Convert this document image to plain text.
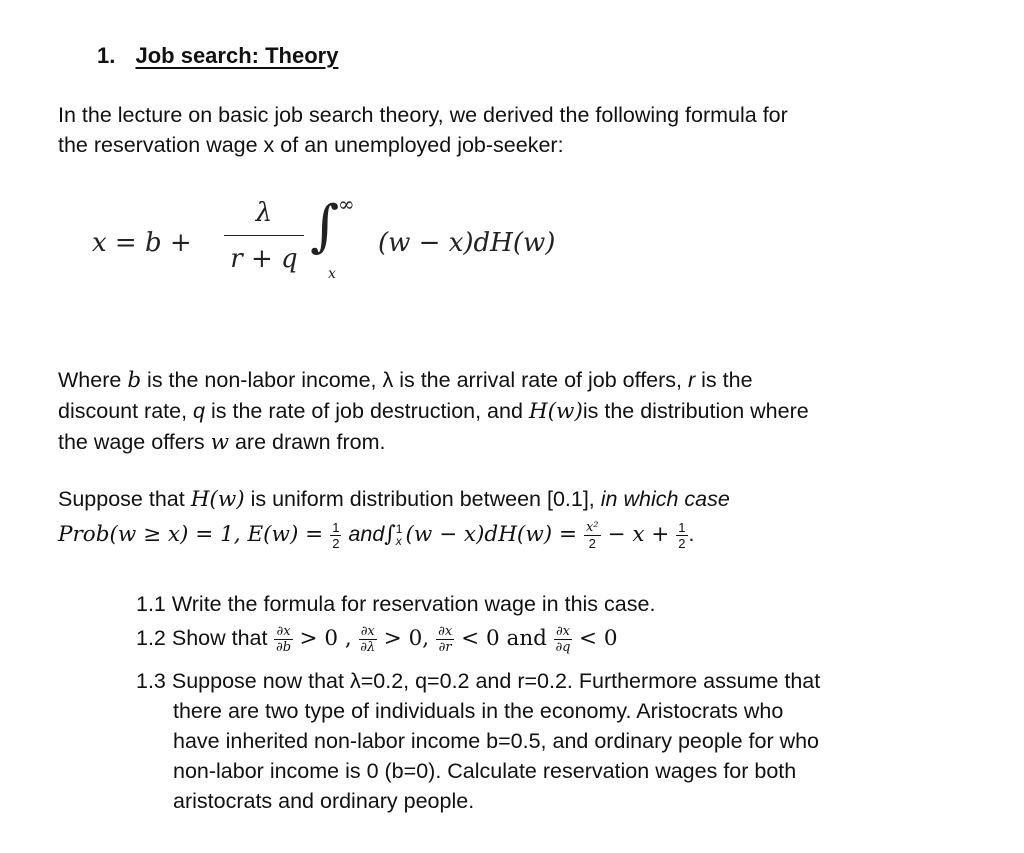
1. Job search: Theory
In the lecture on basic job search theory, we derived the following formula for
the reservation wage x of an unemployed job-seeker:
x = b +
λ
r + q ∫
∞
x
(w − x)dH(w)
Where b is the non-labor income, λ is the arrival rate of job offers, r is the
discount rate, q is the rate of job destruction, and H(w)is the distribution where
the wage offers w are drawn from.
Suppose that H(w) is uniform distribution between [0.1], in which case
Prob(w ≥ x) = 1, $E(w) = \frac{1}{2} and\int$ 1
x $(w - x)dH(w) = \frac{\text{x²}}{2} - x + \frac{1}{2}$ .
1.1 Write the formula for reservation wage in this case.
1.2 Show that $\frac{\partial x}{\partial b} > 0$ , $\frac{\partial x}{\partial\lambda} > 0$, $\frac{\partial x}{\partial r} < 0$ and $\frac{\partial x}{\partial q} < 0$
1.3 Suppose now that λ=0.2, q=0.2 and r=0.2. Furthermore assume that
there are two type of individuals in the economy. Aristocrats who
have inherited non-labor income b=0.5, and ordinary people for who
non-labor income is 0 (b=0). Calculate reservation wages for both
aristocrats and ordinary people.
